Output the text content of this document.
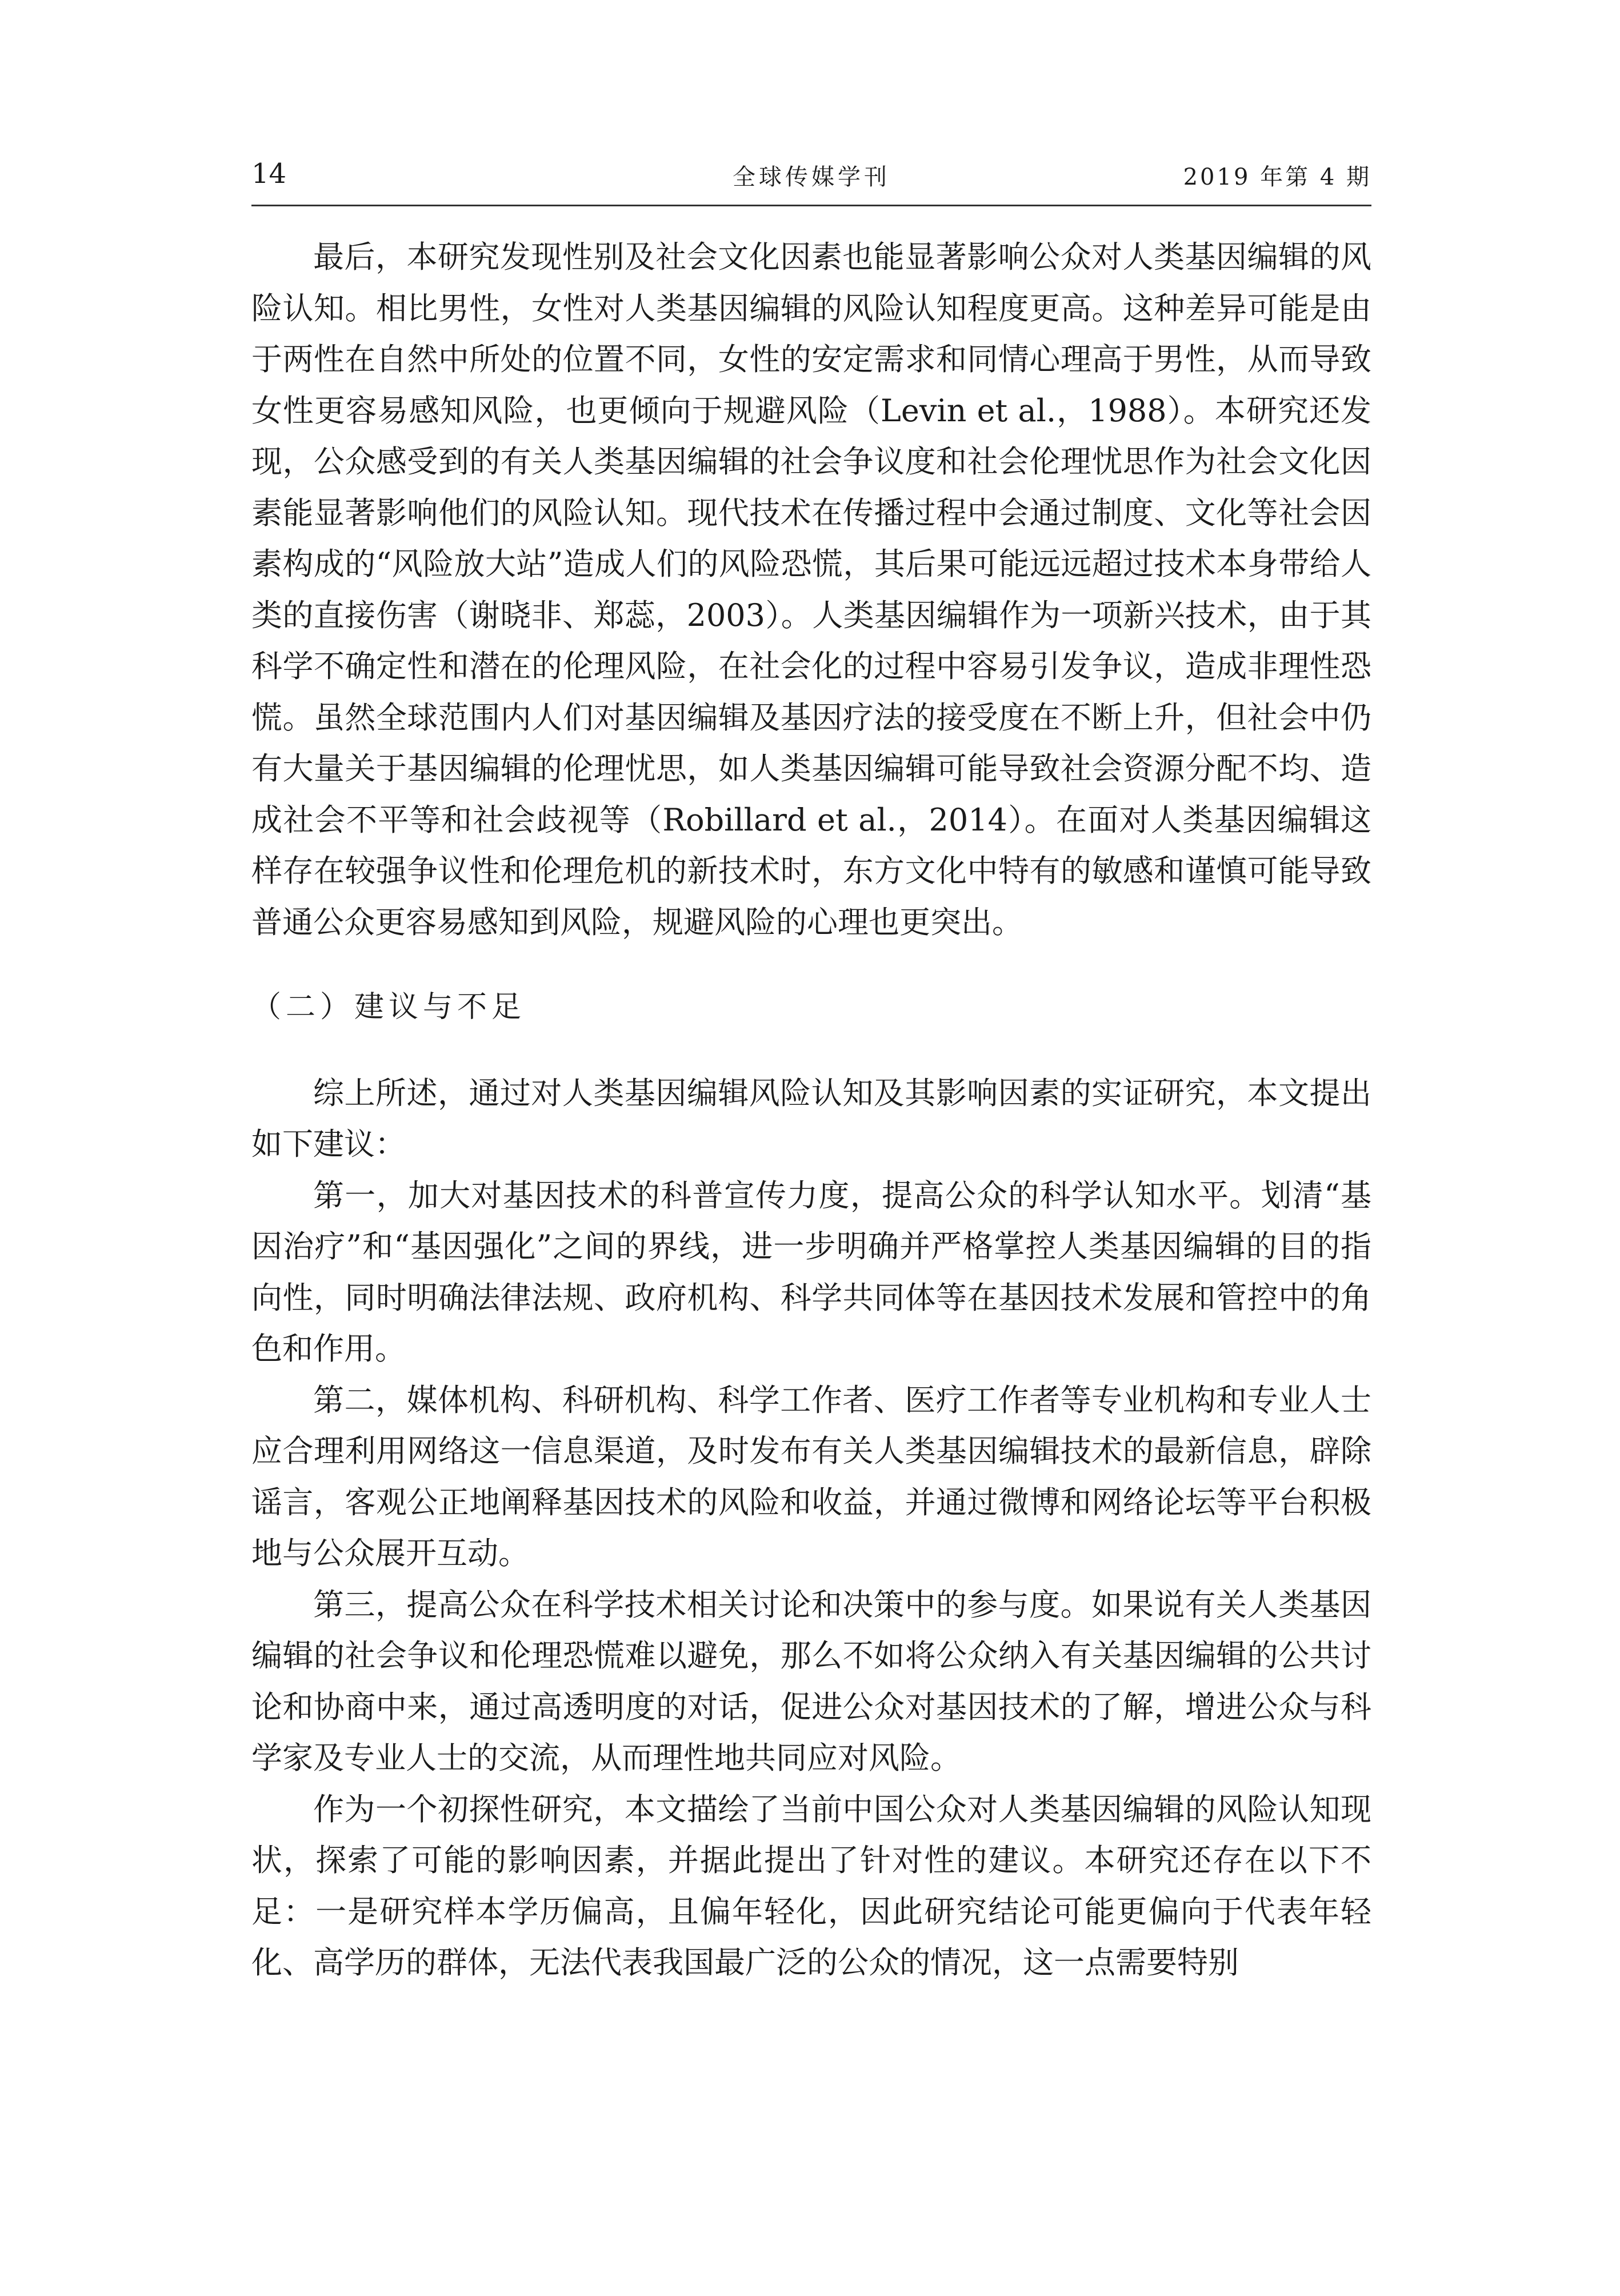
14	全球传媒学刊	2019 年第 4 期

最后，本研究发现性别及社会文化因素也能显著影响公众对人类基因编辑的风险认知。相比男性，女性对人类基因编辑的风险认知程度更高。这种差异可能是由于两性在自然中所处的位置不同，女性的安定需求和同情心理高于男性，从而导致女性更容易感知风险，也更倾向于规避风险（Levin et al.，1988）。本研究还发现，公众感受到的有关人类基因编辑的社会争议度和社会伦理忧思作为社会文化因素能显著影响他们的风险认知。现代技术在传播过程中会通过制度、文化等社会因素构成的“风险放大站”造成人们的风险恐慌，其后果可能远远超过技术本身带给人类的直接伤害（谢晓非、郑蕊，2003）。人类基因编辑作为一项新兴技术，由于其科学不确定性和潜在的伦理风险，在社会化的过程中容易引发争议，造成非理性恐慌。虽然全球范围内人们对基因编辑及基因疗法的接受度在不断上升，但社会中仍有大量关于基因编辑的伦理忧思，如人类基因编辑可能导致社会资源分配不均、造成社会不平等和社会歧视等（Robillard et al.，2014）。在面对人类基因编辑这样存在较强争议性和伦理危机的新技术时，东方文化中特有的敏感和谨慎可能导致普通公众更容易感知到风险，规避风险的心理也更突出。

（二）建议与不足

综上所述，通过对人类基因编辑风险认知及其影响因素的实证研究，本文提出如下建议：

第一，加大对基因技术的科普宣传力度，提高公众的科学认知水平。划清“基因治疗”和“基因强化”之间的界线，进一步明确并严格掌控人类基因编辑的目的指向性，同时明确法律法规、政府机构、科学共同体等在基因技术发展和管控中的角色和作用。

第二，媒体机构、科研机构、科学工作者、医疗工作者等专业机构和专业人士应合理利用网络这一信息渠道，及时发布有关人类基因编辑技术的最新信息，辟除谣言，客观公正地阐释基因技术的风险和收益，并通过微博和网络论坛等平台积极地与公众展开互动。

第三，提高公众在科学技术相关讨论和决策中的参与度。如果说有关人类基因编辑的社会争议和伦理恐慌难以避免，那么不如将公众纳入有关基因编辑的公共讨论和协商中来，通过高透明度的对话，促进公众对基因技术的了解，增进公众与科学家及专业人士的交流，从而理性地共同应对风险。

作为一个初探性研究，本文描绘了当前中国公众对人类基因编辑的风险认知现状，探索了可能的影响因素，并据此提出了针对性的建议。本研究还存在以下不足：一是研究样本学历偏高，且偏年轻化，因此研究结论可能更偏向于代表年轻化、高学历的群体，无法代表我国最广泛的公众的情况，这一点需要特别
